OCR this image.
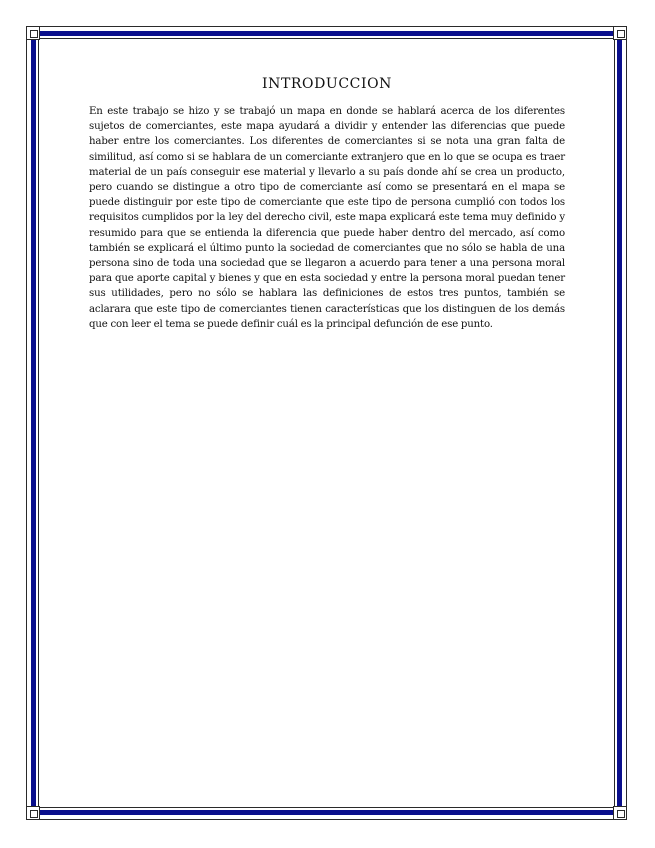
INTRODUCCION

En este trabajo se hizo y se trabajó un mapa en donde se hablará acerca de los diferentes sujetos de comerciantes, este mapa ayudará a dividir y entender las diferencias que puede haber entre los comerciantes. Los diferentes de comerciantes si se nota una gran falta de similitud, así como si se hablara de un comerciante extranjero que en lo que se ocupa es traer material de un país conseguir ese material y llevarlo a su país donde ahí se crea un producto, pero cuando se distingue a otro tipo de comerciante así como se presentará en el mapa se puede distinguir por este tipo de comerciante que este tipo de persona cumplió con todos los requisitos cumplidos por la ley del derecho civil, este mapa explicará este tema muy definido y resumido para que se entienda la diferencia que puede haber dentro del mercado, así como también se explicará el último punto la sociedad de comerciantes que no sólo se habla de una persona sino de toda una sociedad que se llegaron a acuerdo para tener a una persona moral para que aporte capital y bienes y que en esta sociedad y entre la persona moral puedan tener sus utilidades, pero no sólo se hablara las definiciones de estos tres puntos, también se aclarara que este tipo de comerciantes tienen características que los distinguen de los demás que con leer el tema se puede definir cuál es la principal defunción de ese punto.
